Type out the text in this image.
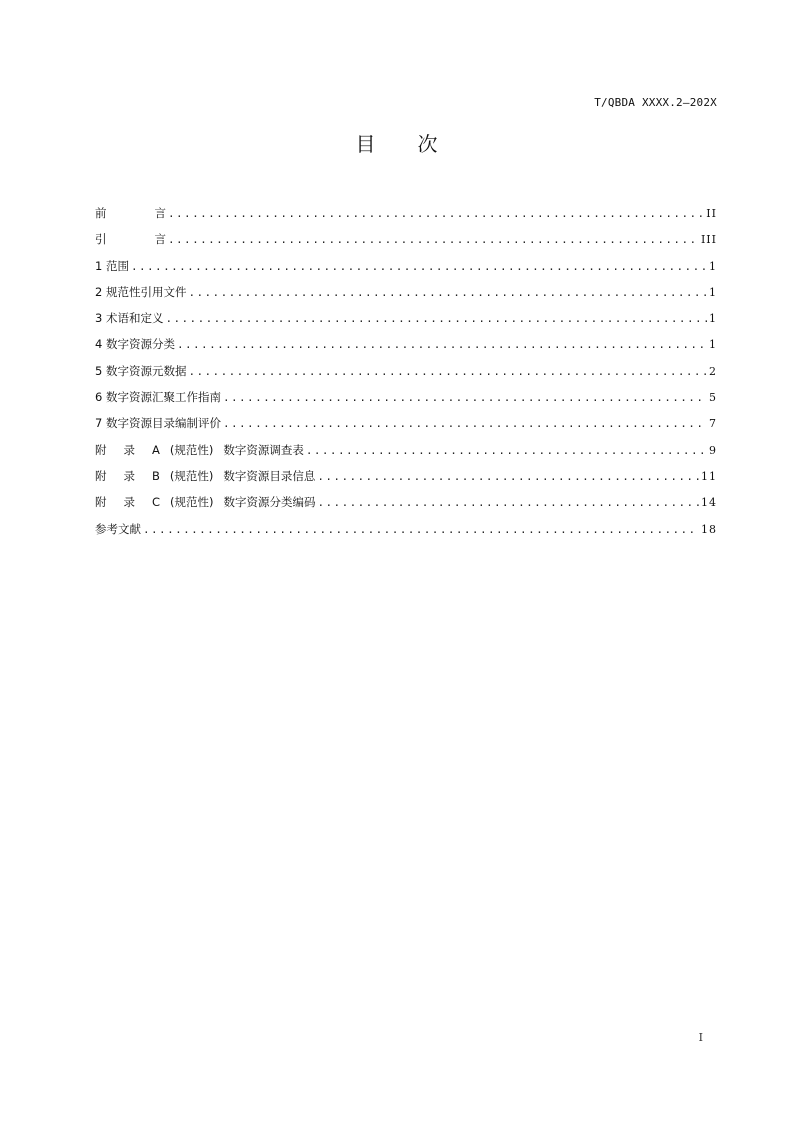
T/QBDA XXXX.2—202X
目 次
前	言 .....	II
引	言 .....	III
1 范围 .....	1
2 规范性引用文件 .....	1
3 术语和定义 .....	1
4 数字资源分类 .....	1
5 数字资源元数据 .....	2
6 数字资源汇聚工作指南 .....	5
7 数字资源目录编制评价 .....	7
附 录 A (规范性) 数字资源调查表 .....	9
附 录 B (规范性) 数字资源目录信息 .....	11
附 录 C (规范性) 数字资源分类编码 .....	14
参考文献 .....	18
I
